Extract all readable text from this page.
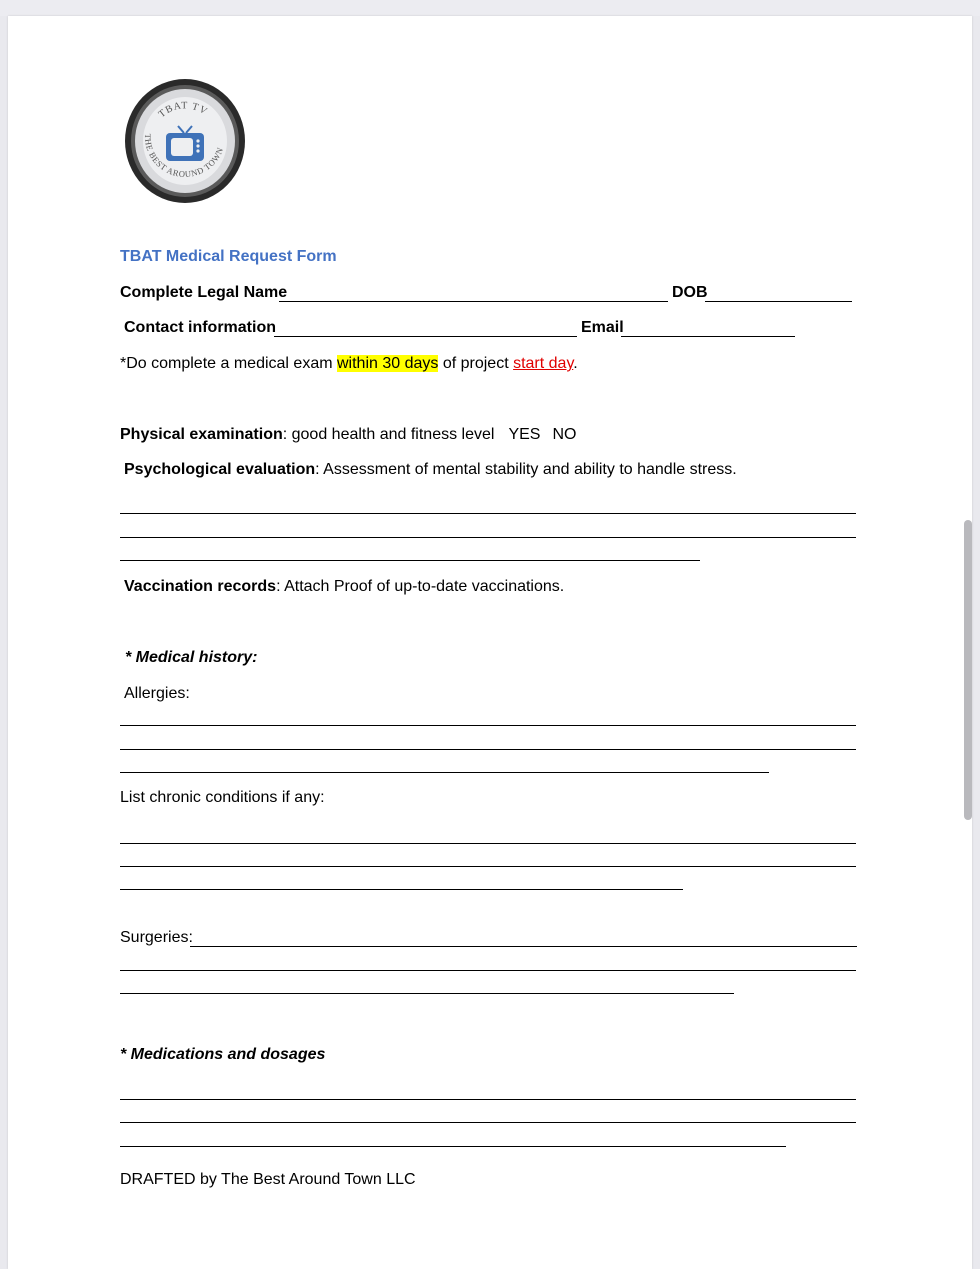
TBAT TV
THE BEST AROUND TOWN
TBAT Medical Request Form
Complete Legal Name	DOB
Contact information	Email
*Do complete a medical exam within 30 days of project start day.
Physical examination: good health and fitness level YES NO
Psychological evaluation: Assessment of mental stability and ability to handle stress.
Vaccination records: Attach Proof of up-to-date vaccinations.
* Medical history:
Allergies:
List chronic conditions if any:
Surgeries:
* Medications and dosages
DRAFTED by The Best Around Town LLC
